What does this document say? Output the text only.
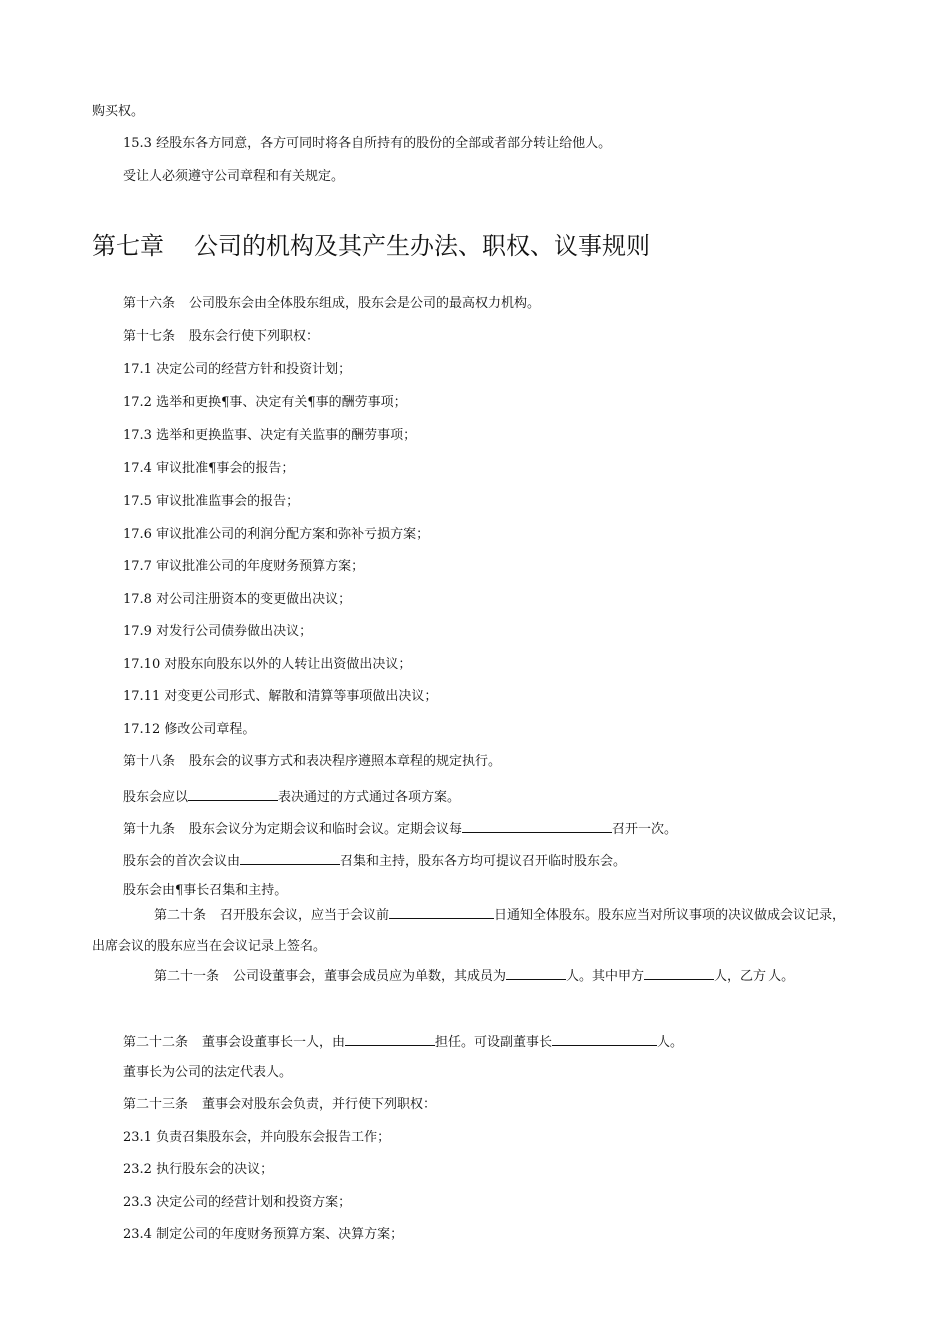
购买权。
15.3 经股东各方同意，各方可同时将各自所持有的股份的全部或者部分转让给他人。
受让人必须遵守公司章程和有关规定。
第七章 公司的机构及其产生办法、职权、议事规则
第十六条 公司股东会由全体股东组成，股东会是公司的最高权力机构。
第十七条 股东会行使下列职权：
17.1 决定公司的经营方针和投资计划；
17.2 选举和更换¶事、决定有关¶事的酬劳事项；
17.3 选举和更换监事、决定有关监事的酬劳事项；
17.4 审议批准¶事会的报告；
17.5 审议批准监事会的报告；
17.6 审议批准公司的利润分配方案和弥补亏损方案；
17.7 审议批准公司的年度财务预算方案；
17.8 对公司注册资本的变更做出决议；
17.9 对发行公司债券做出决议；
17.10 对股东向股东以外的人转让出资做出决议；
17.11 对变更公司形式、解散和清算等事项做出决议；
17.12 修改公司章程。
第十八条 股东会的议事方式和表决程序遵照本章程的规定执行。
股东会应以	表决通过的方式通过各项方案。
第十九条 股东会议分为定期会议和临时会议。定期会议每	召开一次。
股东会的首次会议由	召集和主持，股东各方均可提议召开临时股东会。
股东会由¶事长召集和主持。
第二十条 召开股东会议，应当于会议前	日通知全体股东。股东应当对所议事项的决议做成会议记录，出席会议的股东应当在会议记录上签名。
第二十一条 公司设董事会，董事会成员应为单数，其成员为	人。其中甲方	人，乙方 人。
第二十二条 董事会设董事长一人，由	担任。可设副董事长	人。
董事长为公司的法定代表人。
第二十三条 董事会对股东会负责，并行使下列职权：
23.1 负责召集股东会，并向股东会报告工作；
23.2 执行股东会的决议；
23.3 决定公司的经营计划和投资方案；
23.4 制定公司的年度财务预算方案、决算方案；
